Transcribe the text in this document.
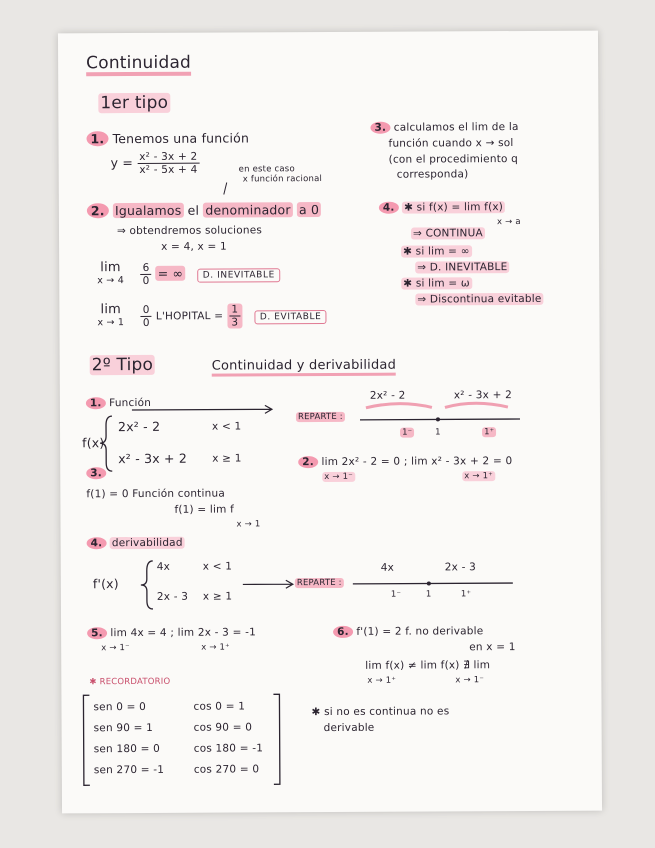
Continuidad
1er tipo
1. Tenemos una función
$y = \frac{\text{x² - 3x + 2}}{\text{x² - 5x + 4}}$	en este caso
x función racional
2. Igualamos el denominador a 0
⇒ obtendremos soluciones
x = 4, x = 1
lim
x → 4
$\frac{6}{0}$ = ∞ D. INEVITABLE
lim
x → 1
$\frac{0}{0}$ L'HOPITAL = $\frac{1}{3} D$. EVITABLE
3. calculamos el lim de la
función cuando x → sol
(con el procedimiento q
corresponda)
4. ✱ si f(x) = lim f(x)
x → a
⇒ CONTINUA
✱ si lim = ∞
⇒ D. INEVITABLE
✱ si lim = ω
⇒ Discontinua evitable
2º Tipo	Continuidad y derivabilidad
1. Función
f(x)
2x² - 2	x < 1
x² - 3x + 2 x ≥ 1
REPARTE :
2x² - 2	x² - 3x + 2
1⁻	1	1⁺
2. lim 2x² - 2 = 0 ; lim x² - 3x + 2 = 0
x → 1⁻	x → 1⁺
3.
f(1) = 0 Función continua
f(1) = lim f
x → 1
4. derivabilidad
f'(x)
4x	x < 1
2x - 3 x ≥ 1
REPARTE :
4x	2x - 3
1⁻	1	1⁺
5. lim 4x = 4 ; lim 2x - 3 = -1
x → 1⁻	x → 1⁺
6. f'(1) = 2 f. no derivable
en x = 1
lim f(x) ≠ lim f(x) ∄ lim
x → 1⁺	x → 1⁻
✱ RECORDATORIO
sen 0 = 0	cos 0 = 1
sen 90 = 1	cos 90 = 0
sen 180 = 0	cos 180 = -1
sen 270 = -1	cos 270 = 0
✱ si no es continua no es
derivable
